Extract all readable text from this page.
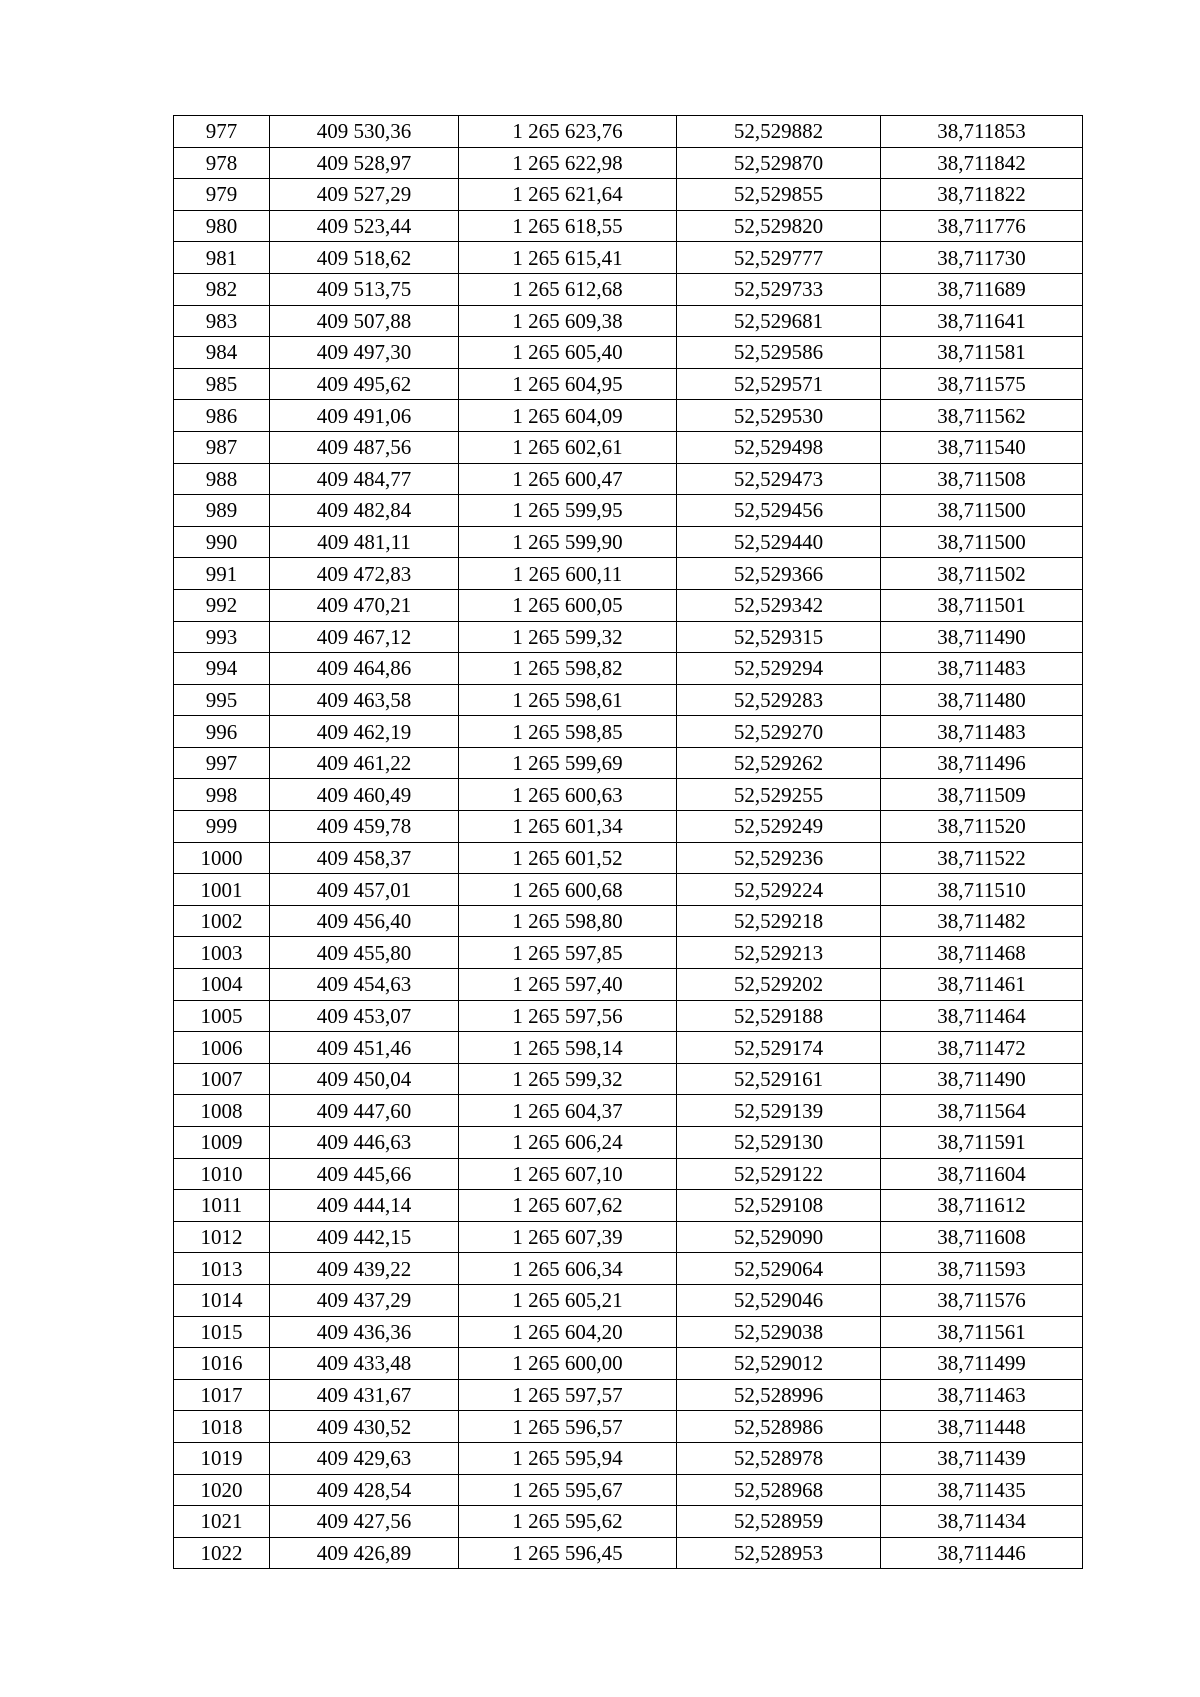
977	409 530,36	1 265 623,76	52,529882	38,711853
978	409 528,97	1 265 622,98	52,529870	38,711842
979	409 527,29	1 265 621,64	52,529855	38,711822
980	409 523,44	1 265 618,55	52,529820	38,711776
981	409 518,62	1 265 615,41	52,529777	38,711730
982	409 513,75	1 265 612,68	52,529733	38,711689
983	409 507,88	1 265 609,38	52,529681	38,711641
984	409 497,30	1 265 605,40	52,529586	38,711581
985	409 495,62	1 265 604,95	52,529571	38,711575
986	409 491,06	1 265 604,09	52,529530	38,711562
987	409 487,56	1 265 602,61	52,529498	38,711540
988	409 484,77	1 265 600,47	52,529473	38,711508
989	409 482,84	1 265 599,95	52,529456	38,711500
990	409 481,11	1 265 599,90	52,529440	38,711500
991	409 472,83	1 265 600,11	52,529366	38,711502
992	409 470,21	1 265 600,05	52,529342	38,711501
993	409 467,12	1 265 599,32	52,529315	38,711490
994	409 464,86	1 265 598,82	52,529294	38,711483
995	409 463,58	1 265 598,61	52,529283	38,711480
996	409 462,19	1 265 598,85	52,529270	38,711483
997	409 461,22	1 265 599,69	52,529262	38,711496
998	409 460,49	1 265 600,63	52,529255	38,711509
999	409 459,78	1 265 601,34	52,529249	38,711520
1000	409 458,37	1 265 601,52	52,529236	38,711522
1001	409 457,01	1 265 600,68	52,529224	38,711510
1002	409 456,40	1 265 598,80	52,529218	38,711482
1003	409 455,80	1 265 597,85	52,529213	38,711468
1004	409 454,63	1 265 597,40	52,529202	38,711461
1005	409 453,07	1 265 597,56	52,529188	38,711464
1006	409 451,46	1 265 598,14	52,529174	38,711472
1007	409 450,04	1 265 599,32	52,529161	38,711490
1008	409 447,60	1 265 604,37	52,529139	38,711564
1009	409 446,63	1 265 606,24	52,529130	38,711591
1010	409 445,66	1 265 607,10	52,529122	38,711604
1011	409 444,14	1 265 607,62	52,529108	38,711612
1012	409 442,15	1 265 607,39	52,529090	38,711608
1013	409 439,22	1 265 606,34	52,529064	38,711593
1014	409 437,29	1 265 605,21	52,529046	38,711576
1015	409 436,36	1 265 604,20	52,529038	38,711561
1016	409 433,48	1 265 600,00	52,529012	38,711499
1017	409 431,67	1 265 597,57	52,528996	38,711463
1018	409 430,52	1 265 596,57	52,528986	38,711448
1019	409 429,63	1 265 595,94	52,528978	38,711439
1020	409 428,54	1 265 595,67	52,528968	38,711435
1021	409 427,56	1 265 595,62	52,528959	38,711434
1022	409 426,89	1 265 596,45	52,528953	38,711446
